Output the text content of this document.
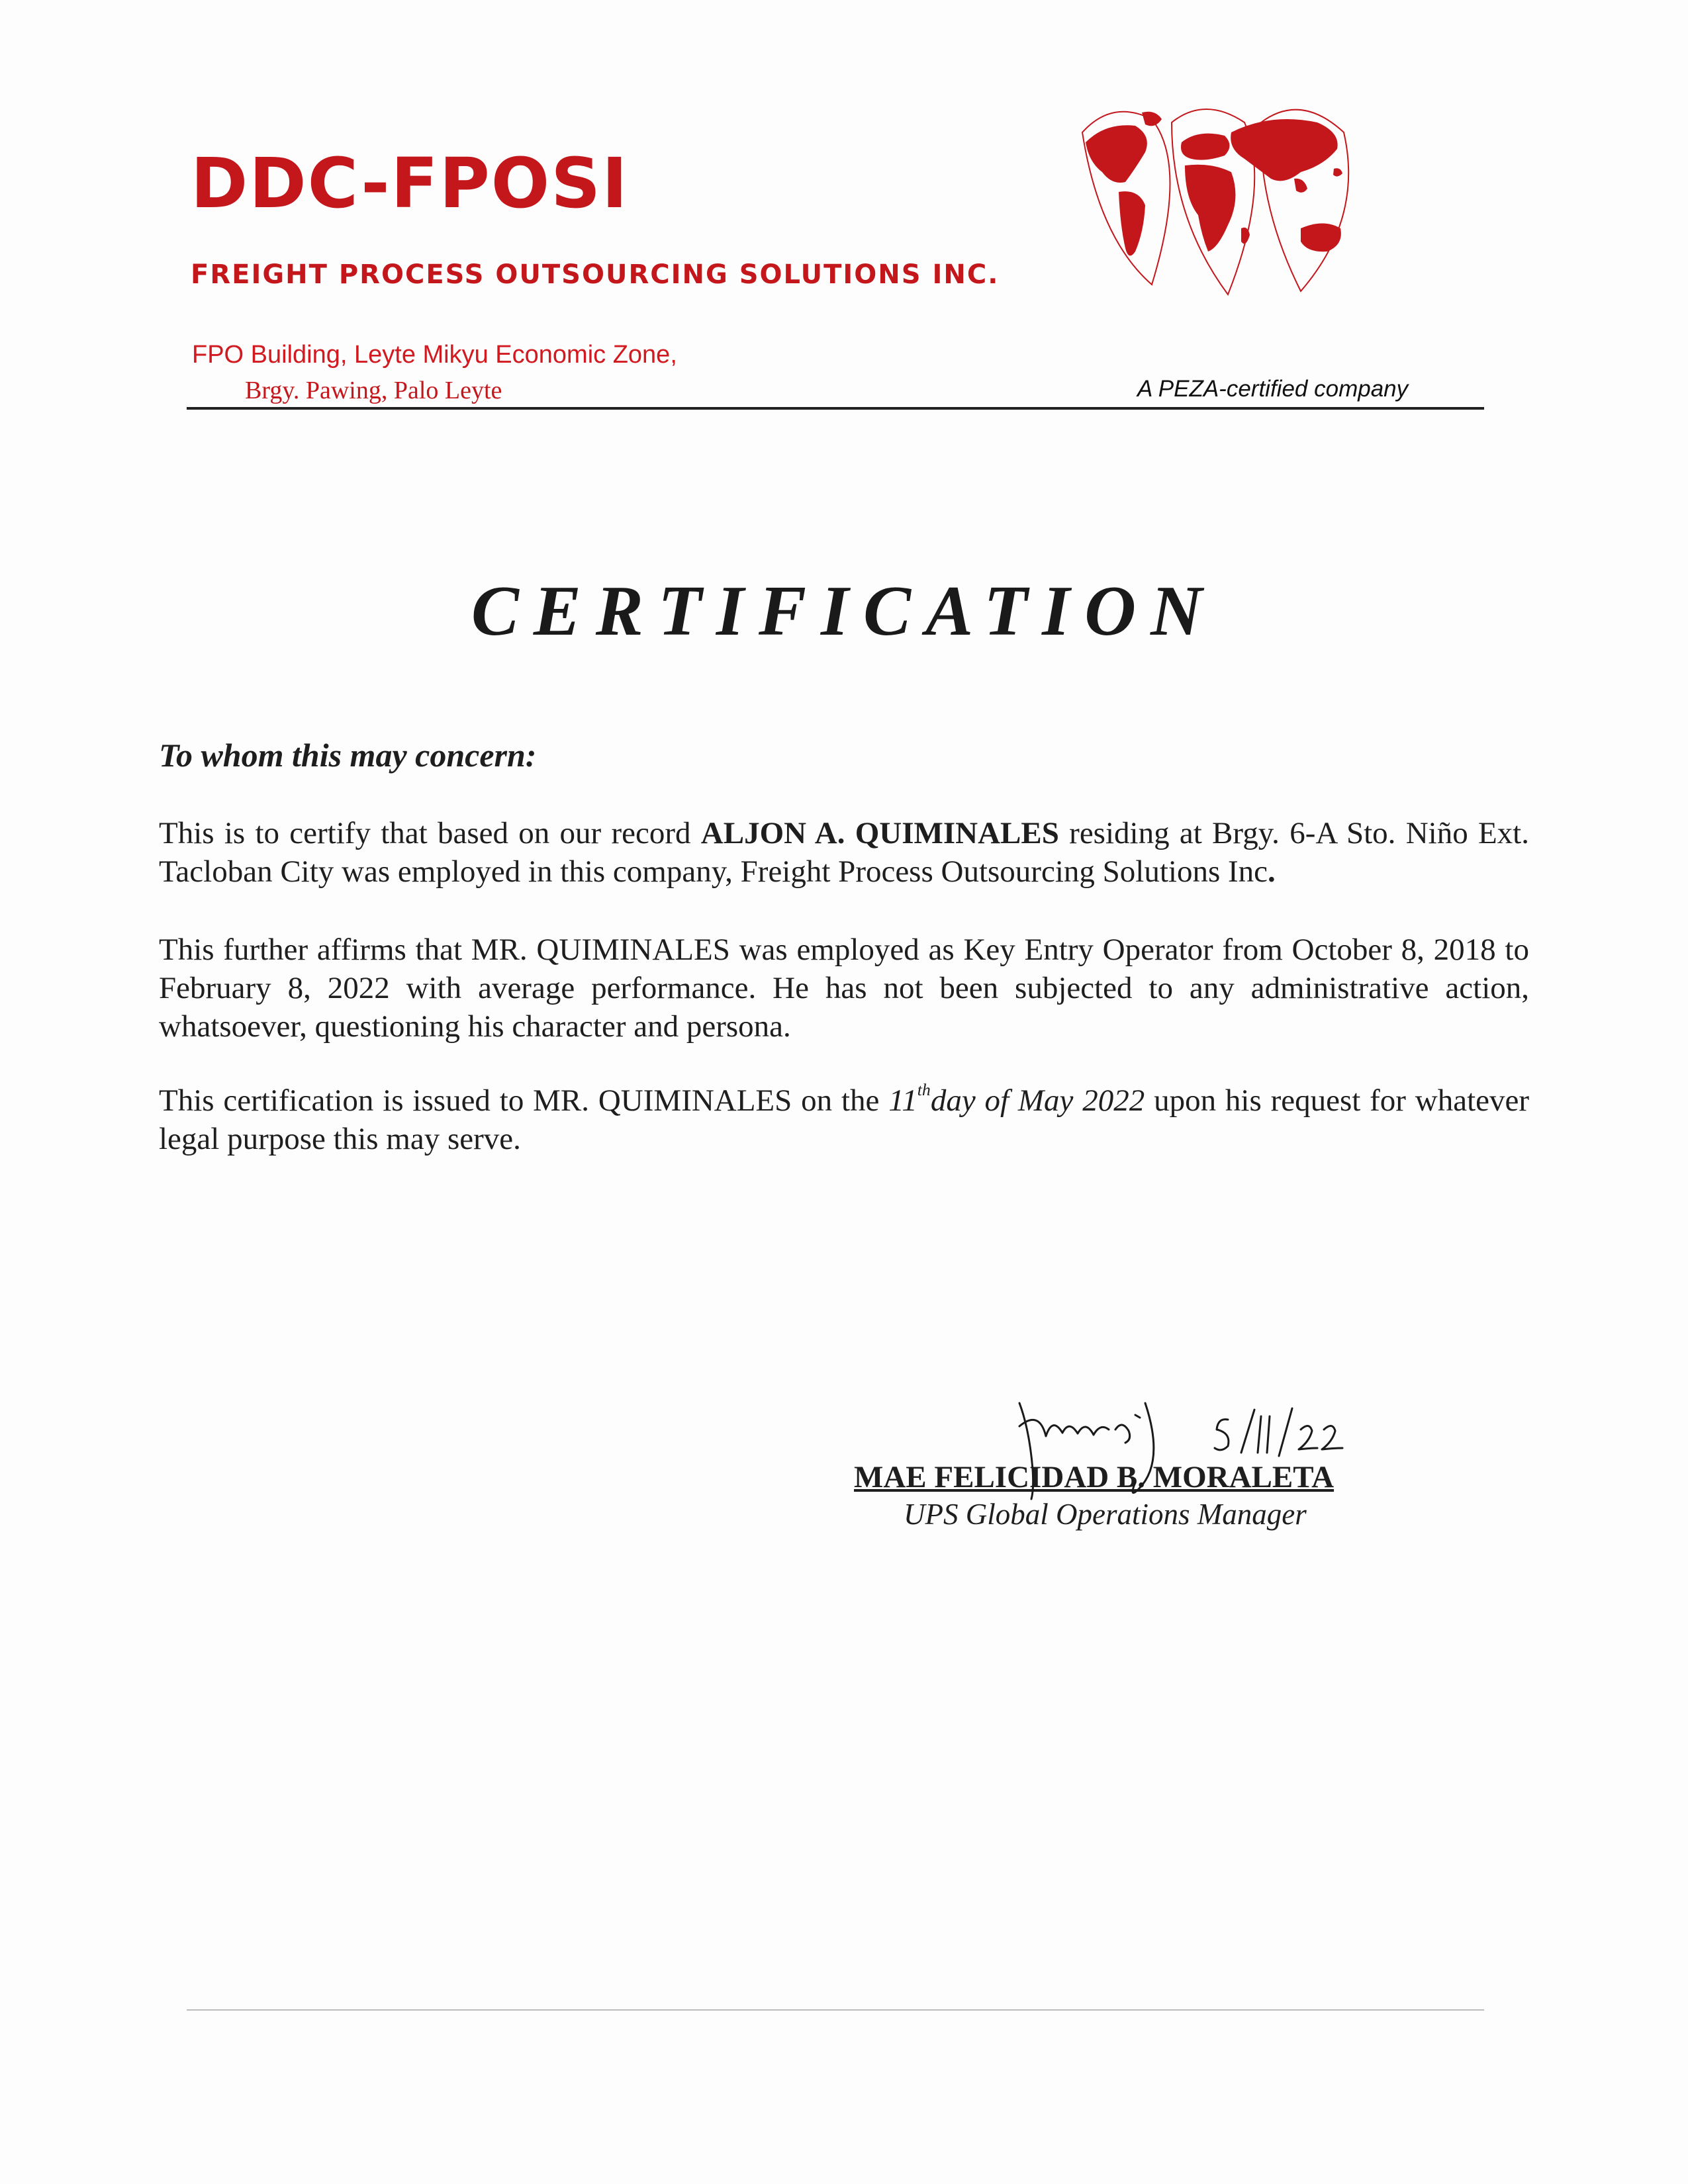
DDC-FPOSI
FREIGHT PROCESS OUTSOURCING SOLUTIONS INC.
FPO Building, Leyte Mikyu Economic Zone,
Brgy. Pawing, Palo Leyte	A PEZA-certified company
CERTIFICATION
To whom this may concern:

This is to certify that based on our record ALJON A. QUIMINALES residing at Brgy. 6-A Sto. Niño Ext. Tacloban City was employed in this company, Freight Process Outsourcing Solutions Inc.

This further affirms that MR. QUIMINALES was employed as Key Entry Operator from October 8, 2018 to February 8, 2022 with average performance. He has not been subjected to any administrative action, whatsoever, questioning his character and persona.

This certification is issued to MR. QUIMINALES on the 11thday of May 2022 upon his request for whatever legal purpose this may serve.

MAE FELICIDAD B. MORALETA
UPS Global Operations Manager
